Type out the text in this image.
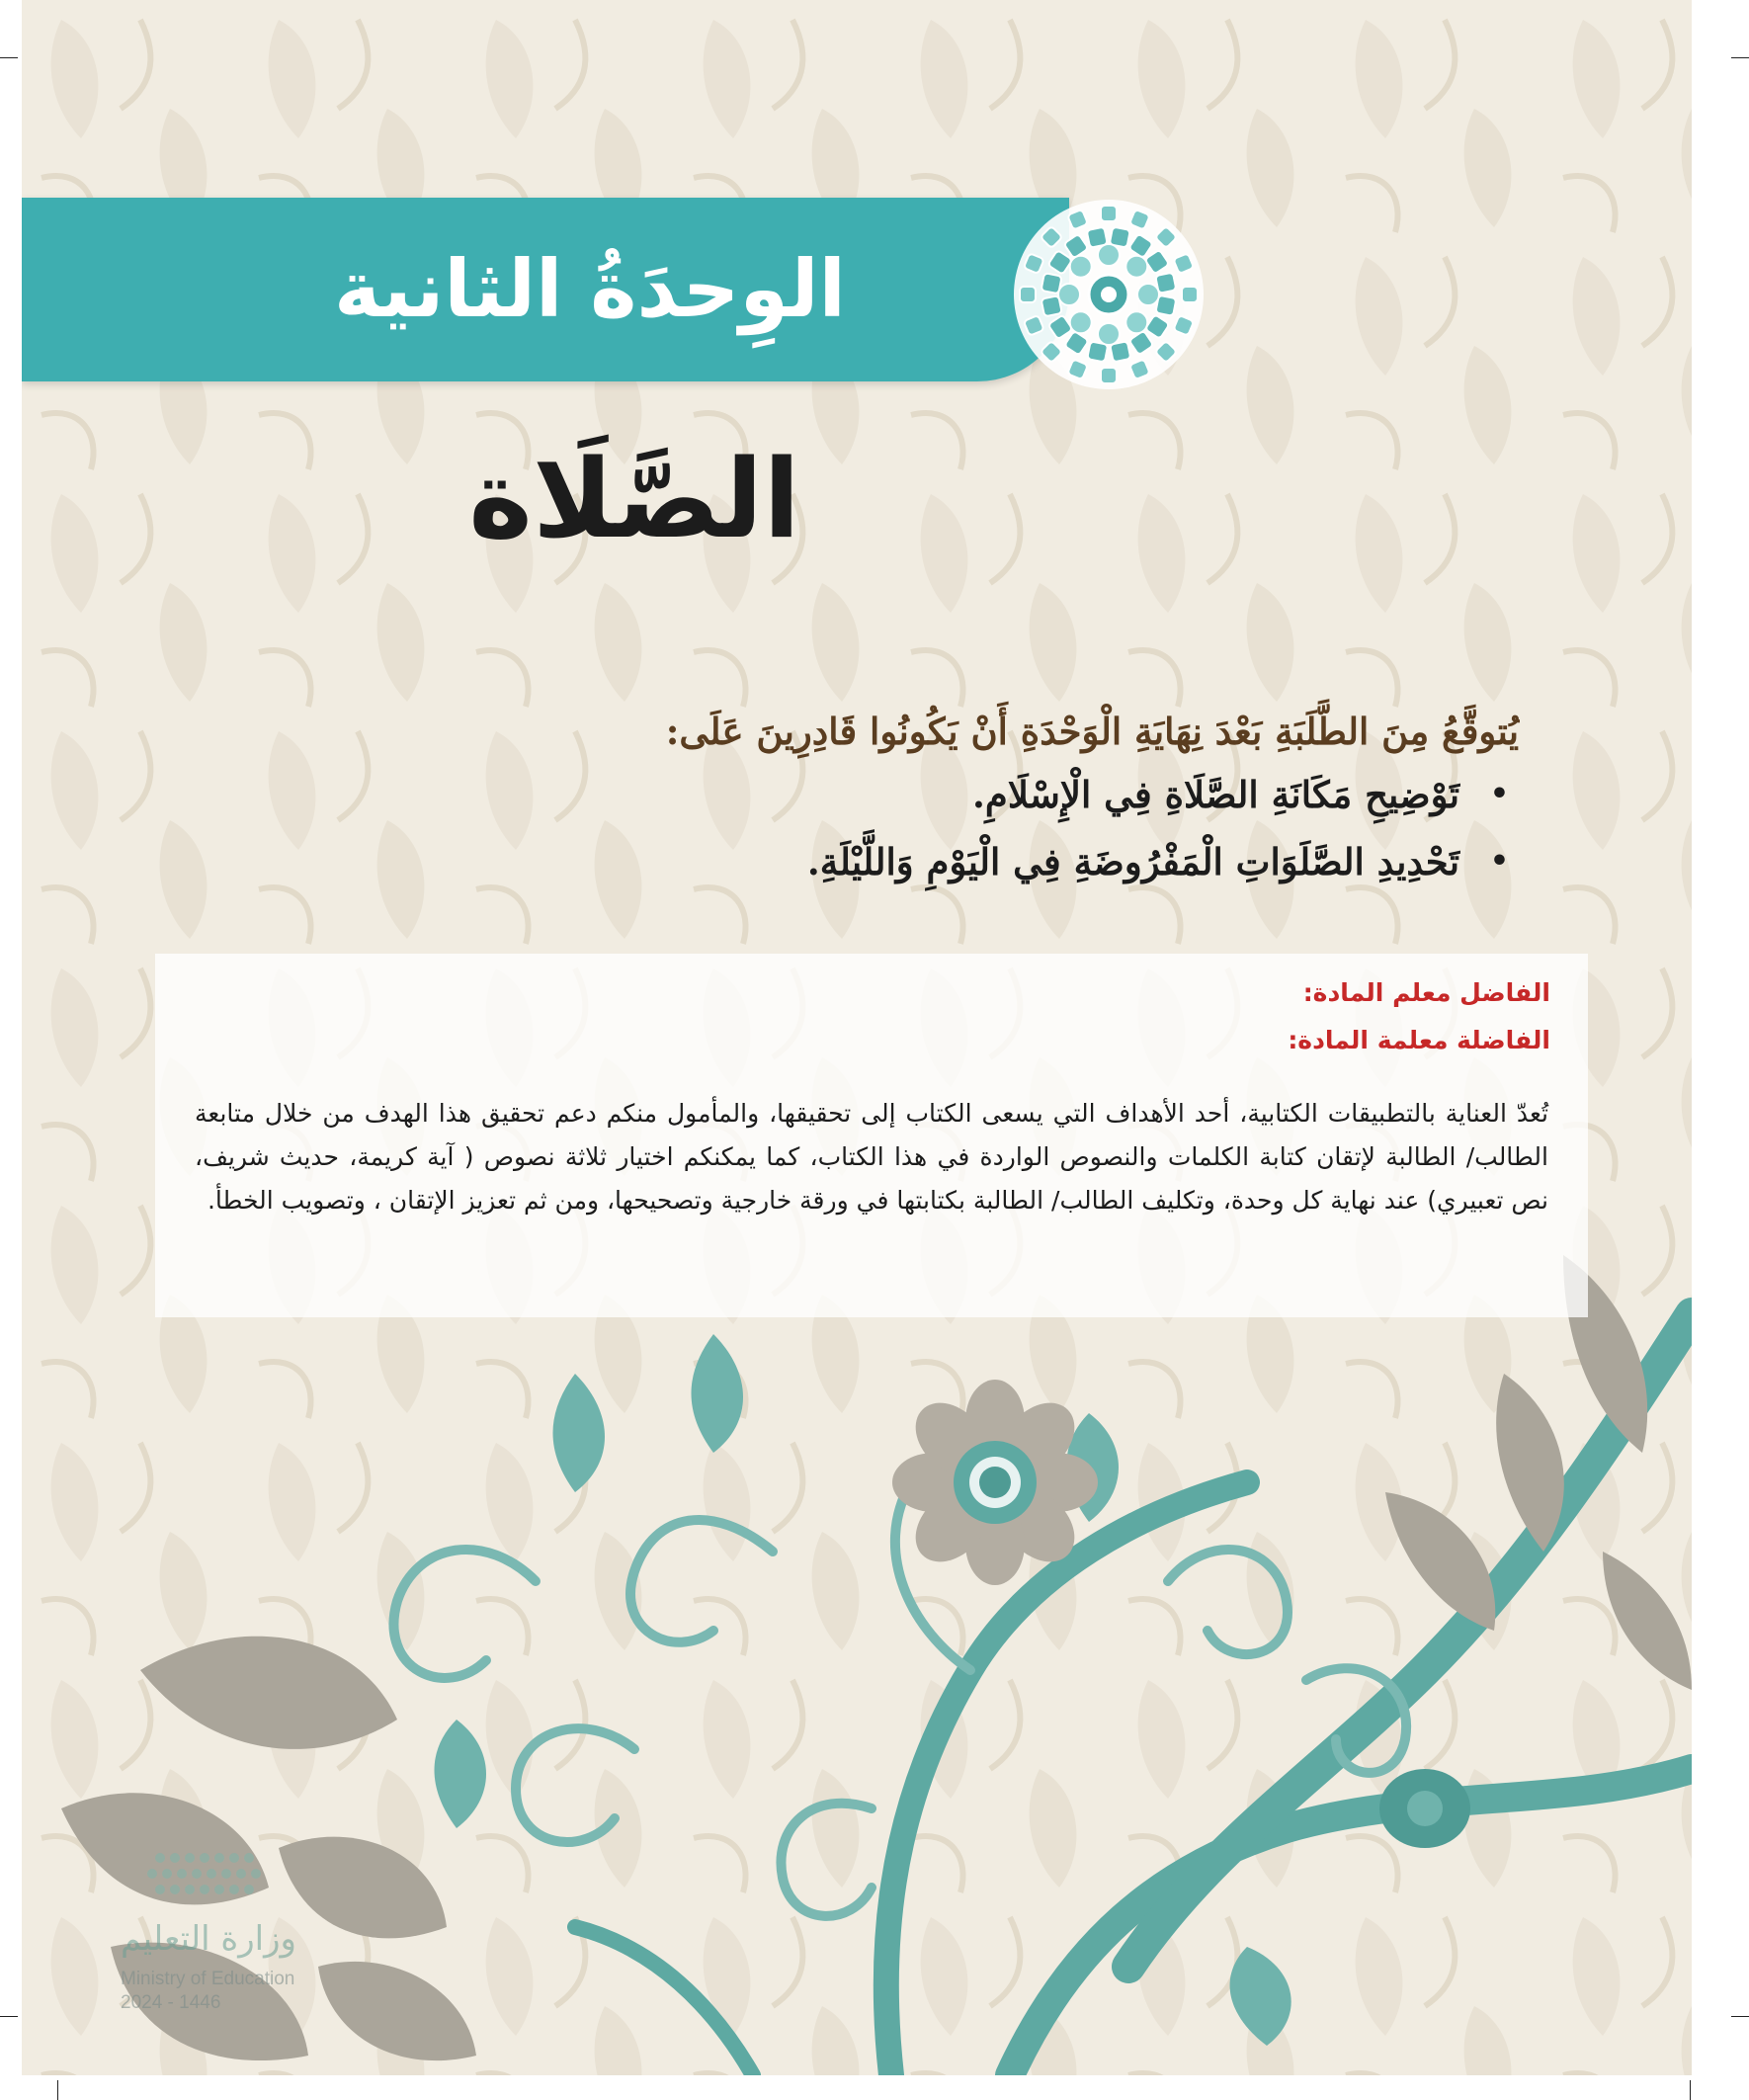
الوِحدَةُ الثانية
الصَّلَاة
يُتوقَّعُ مِنَ الطَّلَبَةِ بَعْدَ نِهَايَةِ الْوَحْدَةِ أَنْ يَكُونُوا قَادِرِينَ عَلَى:
•
تَوْضِيحِ مَكَانَةِ الصَّلَاةِ فِي الْإِسْلَامِ.
•
تَحْدِيدِ الصَّلَوَاتِ الْمَفْرُوضَةِ فِي الْيَوْمِ وَاللَّيْلَةِ.
الفاضل معلم المادة:
الفاضلة معلمة المادة:
تُعدّ العناية بالتطبيقات الكتابية، أحد الأهداف التي يسعى الكتاب إلى تحقيقها، والمأمول منكم دعم تحقيق هذا الهدف من خلال متابعة الطالب/ الطالبة لإتقان كتابة الكلمات والنصوص الواردة في هذا الكتاب، كما يمكنكم اختيار ثلاثة نصوص ( آية كريمة، حديث شريف، نص تعبيري) عند نهاية كل وحدة، وتكليف الطالب/ الطالبة بكتابتها في ورقة خارجية وتصحيحها، ومن ثم تعزيز الإتقان ، وتصويب الخطأ.
وزارة التعليم
Ministry of Education
2024 - 1446
